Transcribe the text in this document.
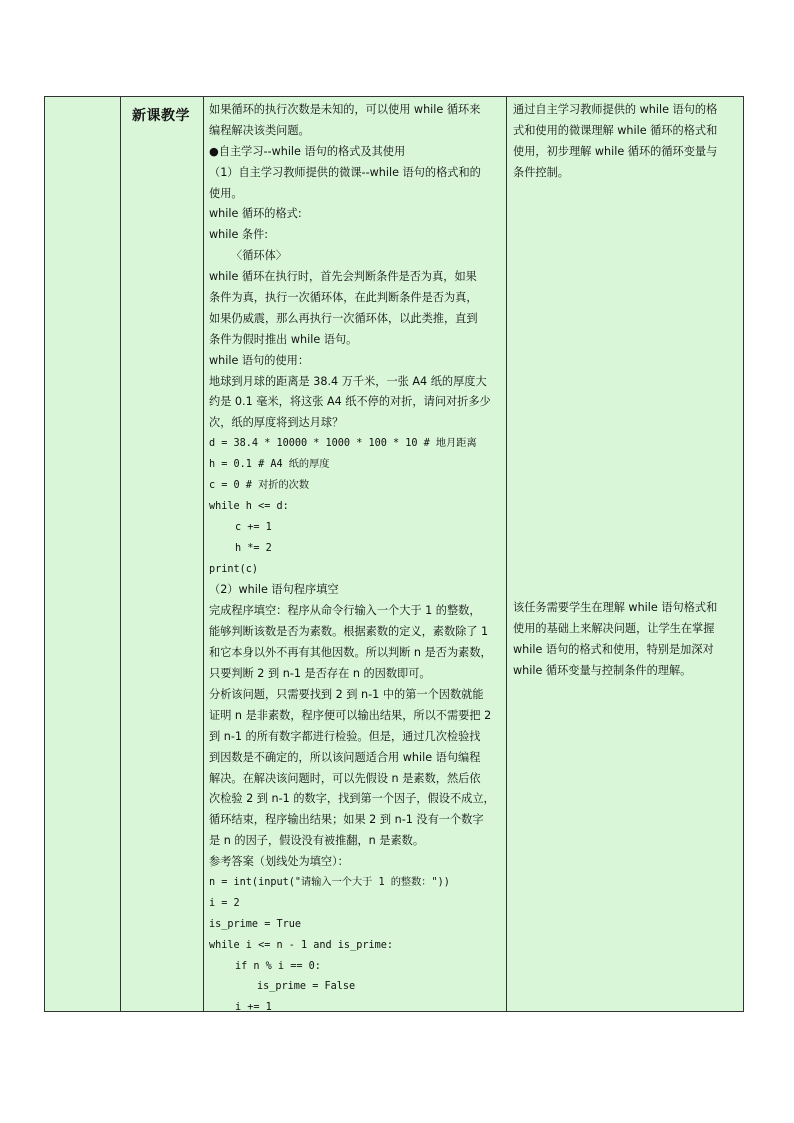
新课教学 如果循环的执行次数是未知的，可以使用 while 循环来
编程解决该类问题。
●自主学习--while 语句的格式及其使用
（1）自主学习教师提供的微课--while 语句的格式和的
使用。
while 循环的格式:
while 条件:
〈循环体〉
while 循环在执行时，首先会判断条件是否为真，如果
条件为真，执行一次循环体，在此判断条件是否为真，
如果仍威震，那么再执行一次循环体，以此类推，直到
条件为假时推出 while 语句。
while 语句的使用：
地球到月球的距离是 38.4 万千米，一张 A4 纸的厚度大
约是 0.1 毫米，将这张 A4 纸不停的对折，请问对折多少
次，纸的厚度将到达月球？
d = 38.4 * 10000 * 1000 * 100 * 10 # 地月距离
h = 0.1 # A4 纸的厚度
c = 0 # 对折的次数
while h <= d:
c += 1
h *= 2
print(c)
（2）while 语句程序填空
完成程序填空：程序从命令行输入一个大于 1 的整数，
能够判断该数是否为素数。根据素数的定义，素数除了 1
和它本身以外不再有其他因数。所以判断 n 是否为素数，
只要判断 2 到 n-1 是否存在 n 的因数即可。
分析该问题，只需要找到 2 到 n-1 中的第一个因数就能
证明 n 是非素数，程序便可以输出结果，所以不需要把 2
到 n-1 的所有数字都进行检验。但是，通过几次检验找
到因数是不确定的，所以该问题适合用 while 语句编程
解决。在解决该问题时，可以先假设 n 是素数，然后依
次检验 2 到 n-1 的数字，找到第一个因子，假设不成立，
循环结束，程序输出结果；如果 2 到 n-1 没有一个数字
是 n 的因子，假设没有被推翻，n 是素数。
参考答案（划线处为填空）：
n = int(input("请输入一个大于 1 的整数："))
i = 2
is_prime = True
while i <= n - 1 and is_prime:
if n % i == 0:
is_prime = False
i += 1
通过自主学习教师提供的 while 语句的格
式和使用的微课理解 while 循环的格式和
使用，初步理解 while 循环的循环变量与
条件控制。
该任务需要学生在理解 while 语句格式和
使用的基础上来解决问题，让学生在掌握
while 语句的格式和使用，特别是加深对
while 循环变量与控制条件的理解。
